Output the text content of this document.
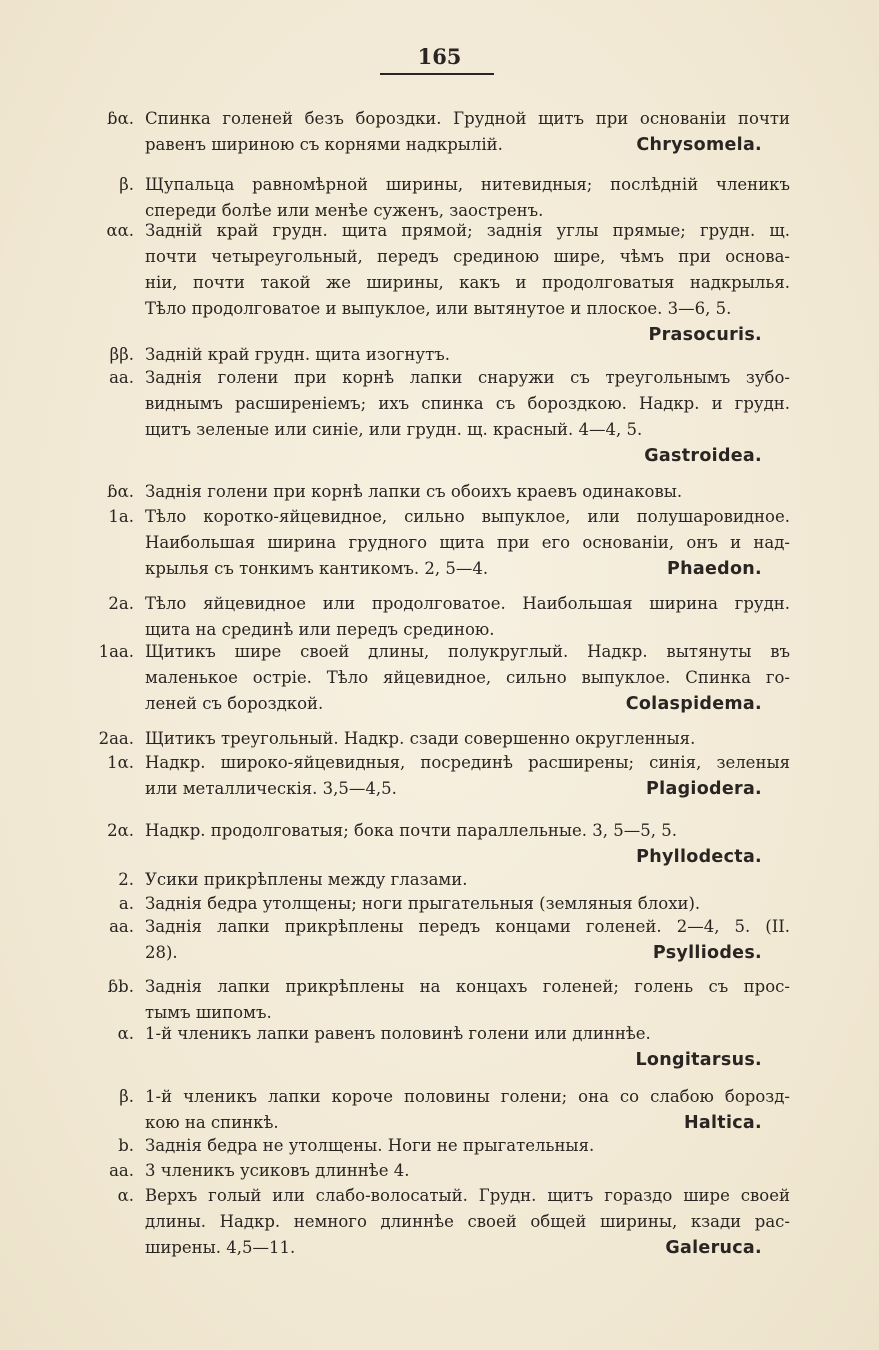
165
ɓα. Спинка голеней безъ бороздки. Грудной щитъ при основаніи почти
равенъ шириною съ корнями надкрылій.	Chrysomela.
β. Щупальца равномѣрной ширины, нитевидныя; послѣдній членикъ
спереди болѣе или менѣе суженъ, заостренъ.
αα. Задній край грудн. щита прямой; заднія углы прямые; грудн. щ.
почти четыреугольный, передъ срединою шире, чѣмъ при основа-
ніи, почти такой же ширины, какъ и продолговатыя надкрылья.
Тѣло продолговатое и выпуклое, или вытянутое и плоское. 3—6, 5.
Prasocuris.
ββ. Задній край грудн. щита изогнутъ.
aa. Заднія голени при корнѣ лапки снаружи съ треугольнымъ зубо-
виднымъ расширеніемъ; ихъ спинка съ бороздкою. Надкр. и грудн.
щитъ зеленые или синіе, или грудн. щ. красный. 4—4, 5.
Gastroidea.
ɓα. Заднія голени при корнѣ лапки съ обоихъ краевъ одинаковы.
1a. Тѣло коротко-яйцевидное, сильно выпуклое, или полушаровидное.
Наибольшая ширина грудного щита при его основаніи, онъ и над-
крылья съ тонкимъ кантикомъ. 2, 5—4.	Phaedon.
2a. Тѣло яйцевидное или продолговатое. Наибольшая ширина грудн.
щита на срединѣ или передъ срединою.
1aa. Щитикъ шире своей длины, полукруглый. Надкр. вытянуты въ
маленькое остріе. Тѣло яйцевидное, сильно выпуклое. Спинка го-
леней съ бороздкой.	Colaspidema.
2aa. Щитикъ треугольный. Надкр. сзади совершенно округленныя.
1α. Надкр. широко-яйцевидныя, посрединѣ расширены; синія, зеленыя
или металлическія. 3,5—4,5.	Plagiodera.
2α. Надкр. продолговатыя; бока почти параллельные. 3, 5—5, 5.
Phyllodecta.
2. Усики прикрѣплены между глазами.
a. Заднія бедра утолщены; ноги прыгательныя (земляныя блохи).
aa. Заднія лапки прикрѣплены передъ концами голеней. 2—4, 5. (II.
28).	Psylliodes.
ɓb. Заднія лапки прикрѣплены на концахъ голеней; голень съ прос-
тымъ шипомъ.
α. 1-й членикъ лапки равенъ половинѣ голени или длиннѣе.
Longitarsus.
β. 1-й членикъ лапки короче половины голени; она со слабою борозд-
кою на спинкѣ.	Haltica.
b. Заднія бедра не утолщены. Ноги не прыгательныя.
aa. 3 членикъ усиковъ длиннѣе 4.
α. Верхъ голый или слабо-волосатый. Грудн. щитъ гораздо шире своей
длины. Надкр. немного длиннѣе своей общей ширины, кзади рас-
ширены. 4,5—11.	Galeruca.
